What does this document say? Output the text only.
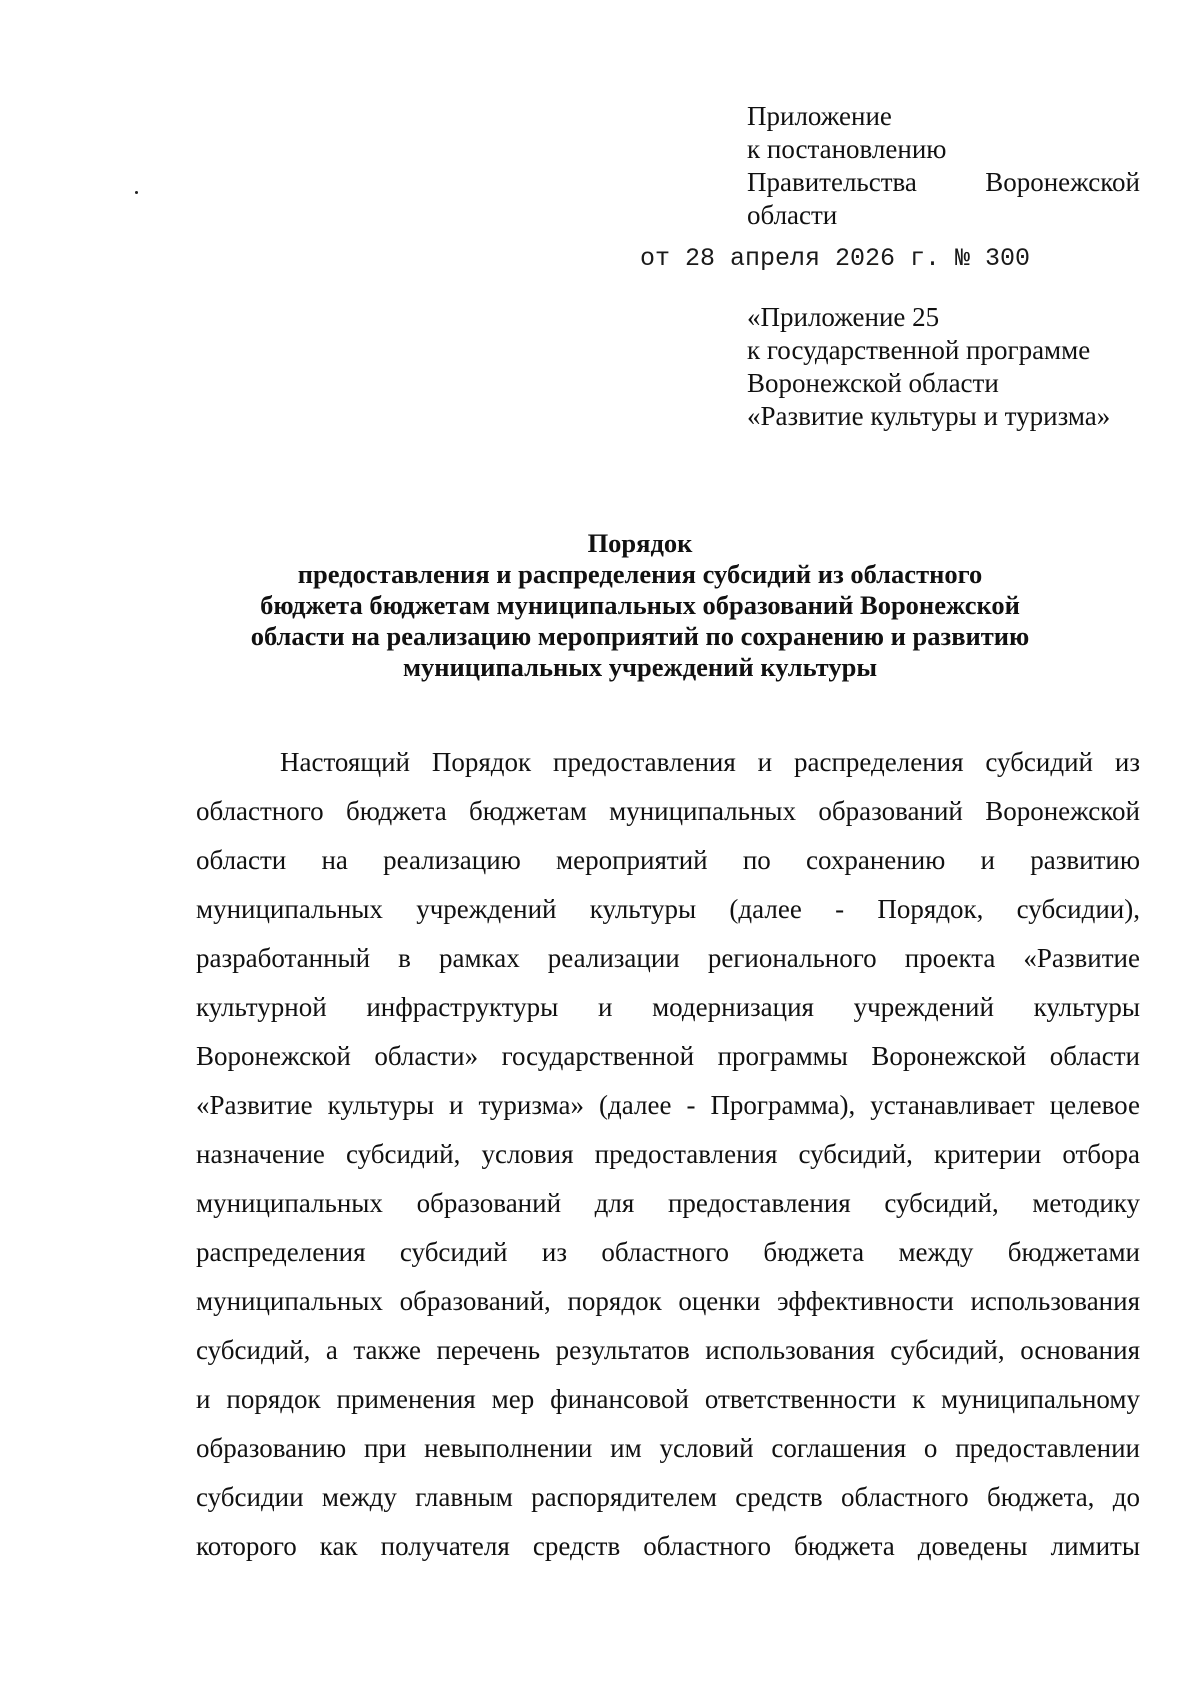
Приложение
к постановлению
Правительства	Воронежской
области
от 28 апреля 2026 г. № 300
«Приложение 25
к государственной программе
Воронежской области
«Развитие культуры и туризма»
Порядок
предоставления и распределения субсидий из областного
бюджета бюджетам муниципальных образований Воронежской
области на реализацию мероприятий по сохранению и развитию
муниципальных учреждений культуры
Настоящий Порядок предоставления и распределения субсидий из
областного бюджета бюджетам муниципальных образований Воронежской
области на реализацию мероприятий по сохранению и развитию
муниципальных учреждений культуры (далее - Порядок, субсидии),
разработанный в рамках реализации регионального проекта «Развитие
культурной инфраструктуры и модернизация учреждений культуры
Воронежской области» государственной программы Воронежской области
«Развитие культуры и туризма» (далее - Программа), устанавливает целевое
назначение субсидий, условия предоставления субсидий, критерии отбора
муниципальных образований для предоставления субсидий, методику
распределения субсидий из областного бюджета между бюджетами
муниципальных образований, порядок оценки эффективности использования
субсидий, а также перечень результатов использования субсидий, основания
и порядок применения мер финансовой ответственности к муниципальному
образованию при невыполнении им условий соглашения о предоставлении
субсидии между главным распорядителем средств областного бюджета, до
которого как получателя средств областного бюджета доведены лимиты
